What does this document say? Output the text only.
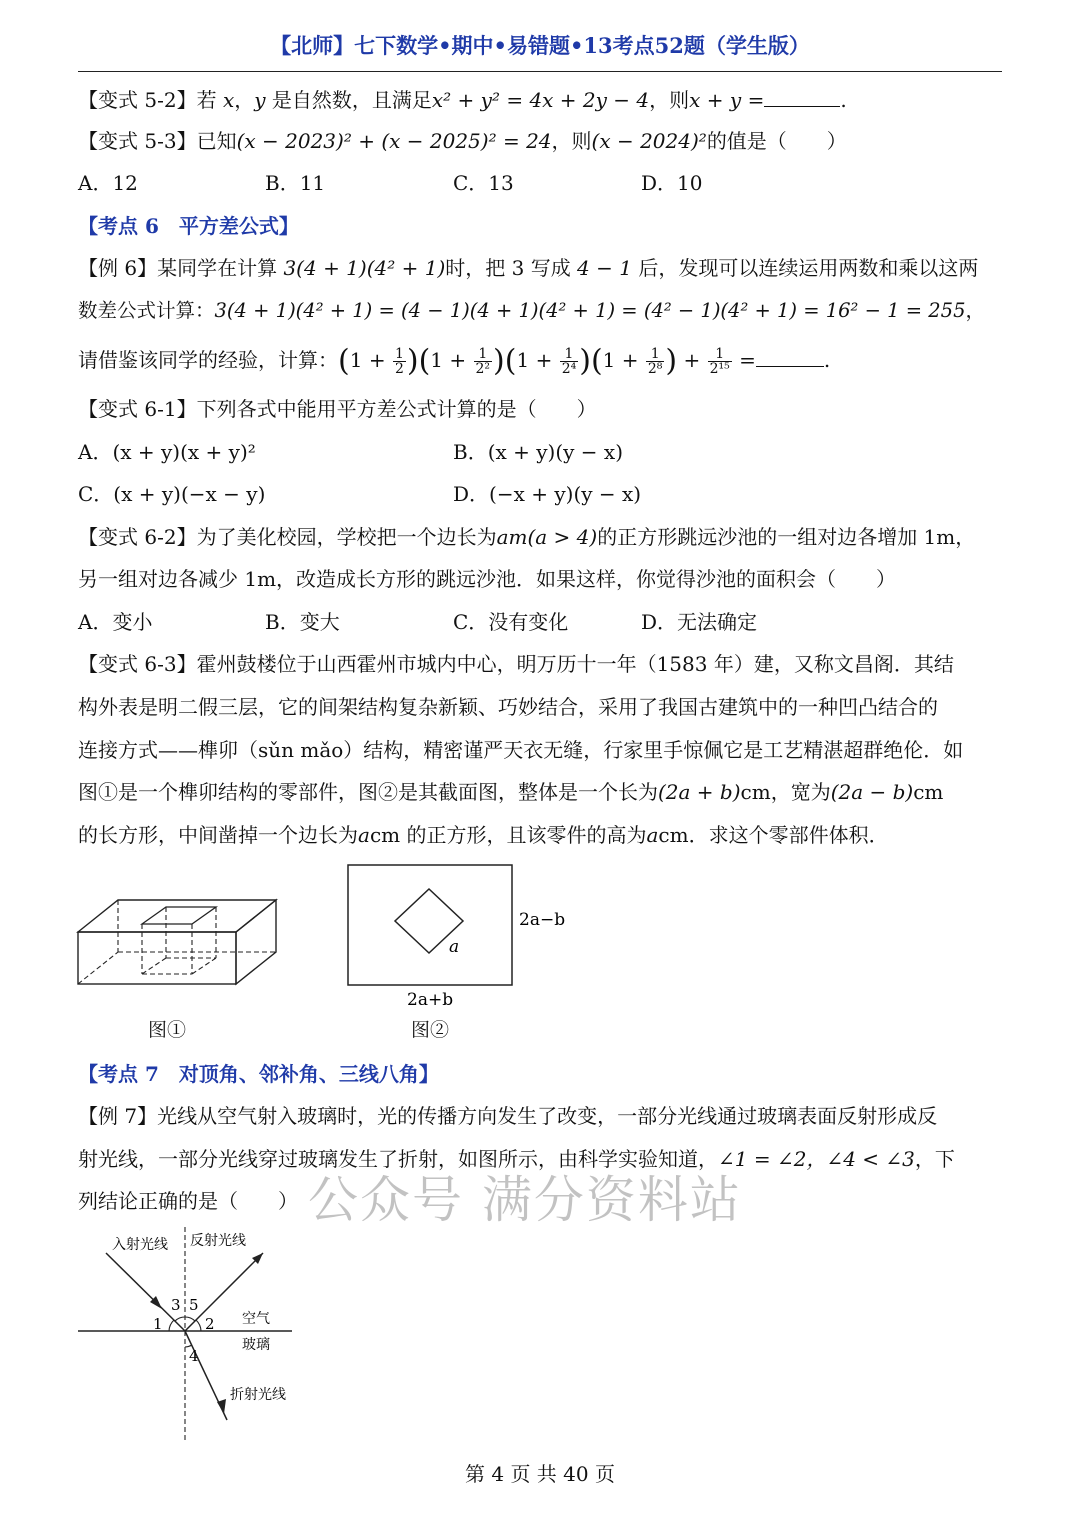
【北师】七下数学•期中•易错题•13考点52题（学生版）
【变式 5-2】若 x，y 是自然数，且满足x² + y² = 4x + 2y − 4，则x + y =	.
【变式 5-3】已知(x − 2023)² + (x − 2025)² = 24，则(x − 2024)²的值是（　　）
A．12	B．11	C．13	D．10
【考点 6　平方差公式】
【例 6】某同学在计算 3(4 + 1)(4² + 1)时，把 3 写成 4 − 1 后，发现可以连续运用两数和乘以这两
数差公式计算：3(4 + 1)(4² + 1) = (4 − 1)(4 + 1)(4² + 1) = (4² − 1)(4² + 1) = 16² − 1 = 255，
请借鉴该同学的经验，计算：$(1 + \frac{1}{2} )(1 + \frac{1}{\text{2²}} )(1 + \frac{1}{\text{2⁴}} )(1 + \frac{1}{\text{2⁸}}$ ) + $\frac{1}{\text{2¹⁵}}$ =	.
【变式 6-1】下列各式中能用平方差公式计算的是（　　）
A．(x + y)(x + y)²	B．(x + y)(y − x)
C．(x + y)(−x − y)	D．(−x + y)(y − x)
【变式 6-2】为了美化校园，学校把一个边长为am(a > 4)的正方形跳远沙池的一组对边各增加 1m，
另一组对边各减少 1m，改造成长方形的跳远沙池．如果这样，你觉得沙池的面积会（　　）
A．变小	B．变大	C．没有变化	D．无法确定
【变式 6-3】霍州鼓楼位于山西霍州市城内中心，明万历十一年（1583 年）建，又称文昌阁．其结
构外表是明二假三层，它的间架结构复杂新颖、巧妙结合，采用了我国古建筑中的一种凹凸结合的
连接方式——榫卯（sǔn mǎo）结构，精密谨严天衣无缝，行家里手惊佩它是工艺精湛超群绝伦．如
图①是一个榫卯结构的零部件，图②是其截面图，整体是一个长为(2a + b)cm，宽为(2a − b)cm
的长方形，中间凿掉一个边长为acm 的正方形，且该零件的高为acm．求这个零部件体积．
图①
a
2a−b
2a+b
图②
【考点 7　对顶角、邻补角、三线八角】
【例 7】光线从空气射入玻璃时，光的传播方向发生了改变，一部分光线通过玻璃表面反射形成反
射光线，一部分光线穿过玻璃发生了折射，如图所示，由科学实验知道，∠1 = ∠2，∠4 < ∠3，下
列结论正确的是（　　）
入射光线 反射光线
空气
玻璃
折射光线
1	2
3
4
5
公众号 满分资料站
第 4 页 共 40 页
